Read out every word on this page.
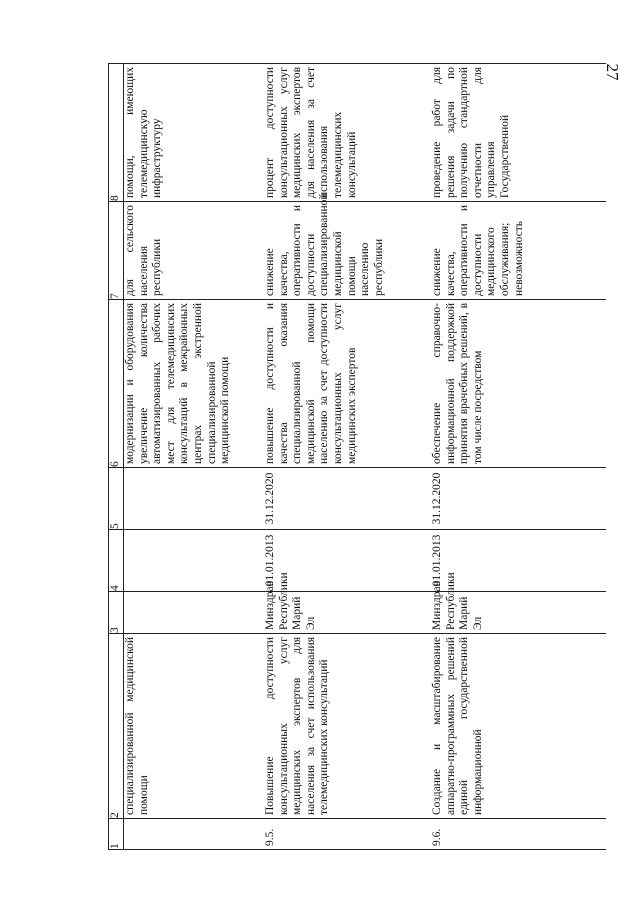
27
1	2	3	4	5	6	7	8
	специализированной медицинской помощи				модернизации и оборудования увеличение количества автоматизированных рабочих мест для телемедицинских консультаций в межрайонных центрах экстренной специализированной медицинской помощи	для сельского населения республики	помощи, имеющих телемедицинскую инфраструктуру
9.5.	Повышение доступности консультационных услуг медицинских экспертов для населения за счет использования телемедицинских консультаций	Минздрав Республики Марий Эл	01.01.2013	31.12.2020	повышение доступности и качества оказания специализированной медицинской помощи населению за счет доступности консультационных услуг медицинских экспертов	снижение качества, оперативности и доступности специализированной медицинской помощи населению республики	процент доступности консультационных услуг медицинских экспертов для населения за счет использования телемедицинских консультаций
9.6.	Создание и масштабирование аппаратно-программных решений единой государственной информационной	Минздрав Республики Марий Эл	01.01.2013	31.12.2020	обеспечение справочно-информационной поддержкой принятия врачебных решений, в том числе посредством	снижение качества, оперативности и доступности медицинского обслуживания; невозможность	проведение работ для решения задачи по получению стандартной отчетности для управления Государственной
